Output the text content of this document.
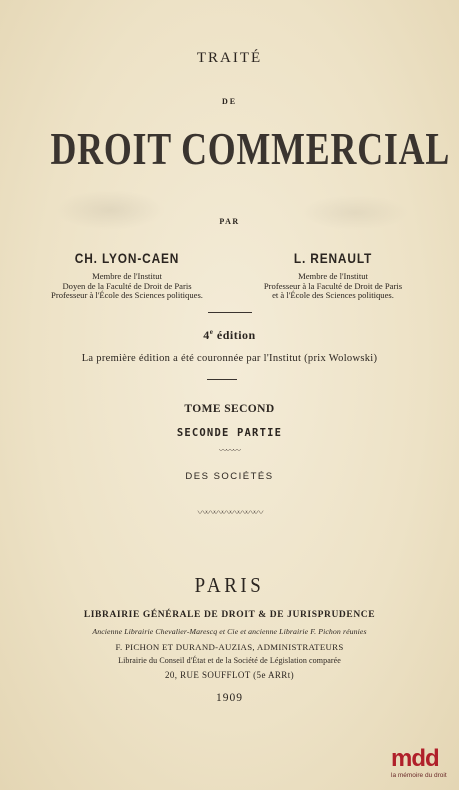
TRAITÉ
DE
DROIT COMMERCIAL
PAR
CH. LYON-CAEN
Membre de l'Institut
Doyen de la Faculté de Droit de Paris
Professeur à l'École des Sciences politiques.
L. RENAULT
Membre de l'Institut
Professeur à la Faculté de Droit de Paris
et à l'École des Sciences politiques.
4e édition
La première édition a été couronnée par l'Institut (prix Wolowski)
TOME SECOND
SECONDE PARTIE
〰〰〰
DES SOCIÉTÉS
〰〰〰〰〰〰〰〰
PARIS
LIBRAIRIE GÉNÉRALE DE DROIT & DE JURISPRUDENCE
Ancienne Librairie Chevalier-Marescq et Cie et ancienne Librairie F. Pichon réunies
F. PICHON ET DURAND-AUZIAS, ADMINISTRATEURS
Librairie du Conseil d'État et de la Société de Législation comparée
20, RUE SOUFFLOT (5e ARRt)
1909
mdd
la mémoire du droit
